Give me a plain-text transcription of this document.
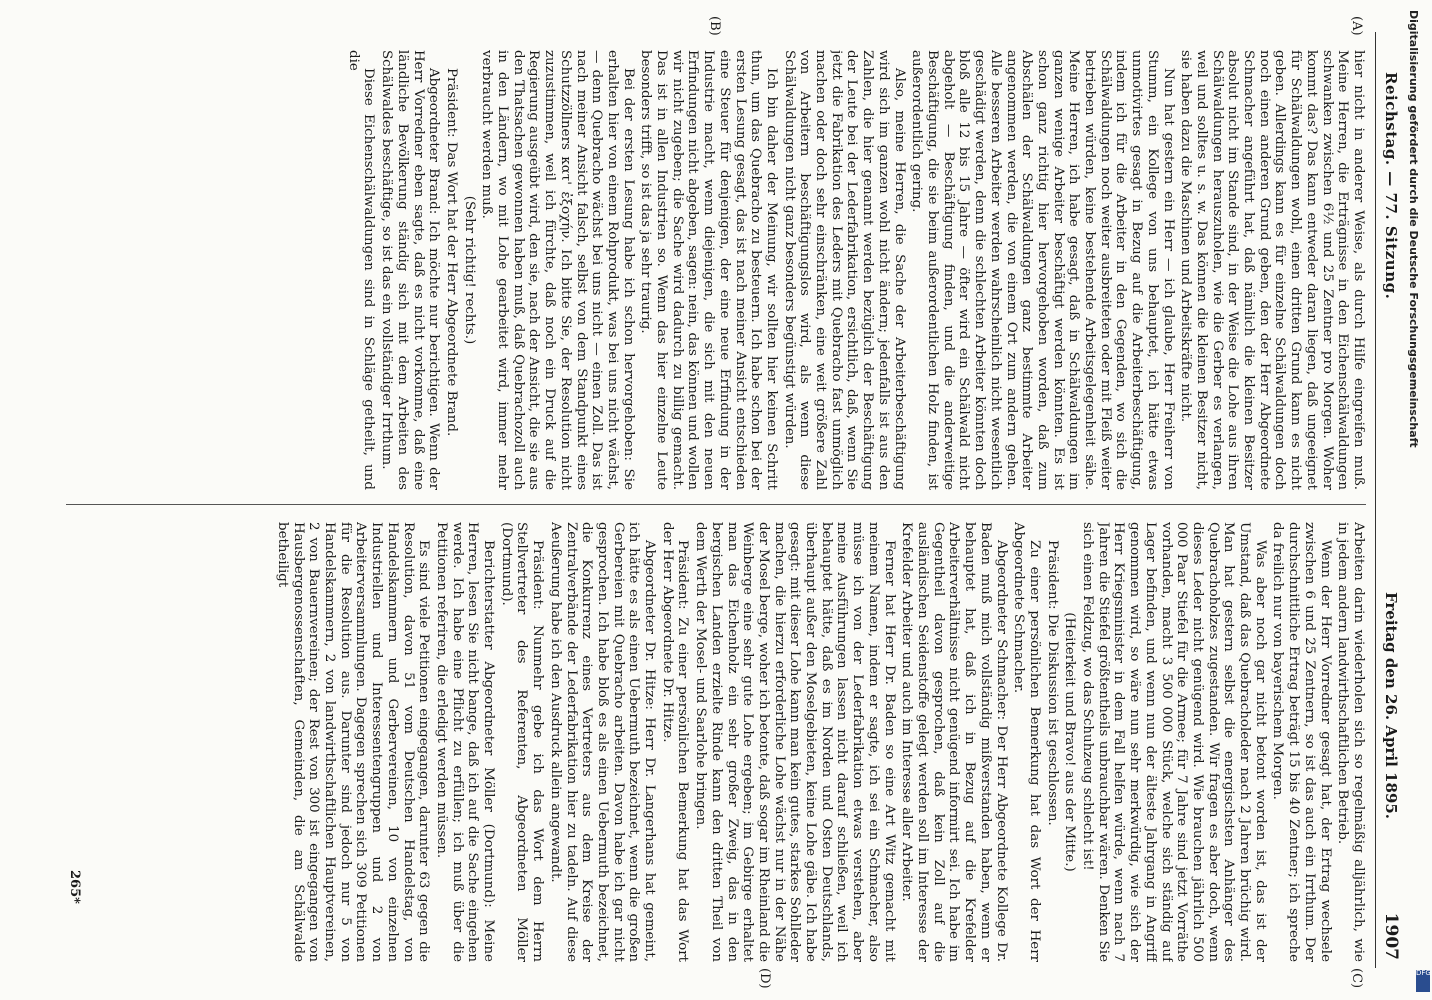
Reichstag. — 77. Sitzung.
Freitag den 26. April 1895.
1907
(A)
(B)
(C)
(D)

hier nicht in anderer Weise, als durch Hilfe eingreifen muß. Meine Herren, die Erträgnisse in den Eichenschälwaldungen schwanken zwischen 6½ und 25 Zentner pro Morgen. Woher kommt das? Das kann entweder daran liegen, daß ungeeignet für Schälwaldungen wohl, einen dritten Grund kann es nicht geben. Allerdings kann es für einzelne Schälwaldungen doch noch einen anderen Grund geben, den der Herr Abgeordnete Schmacher angeführt hat, daß nämlich die kleinen Besitzer absolut nicht im Stande sind, in der Weise die Lohe aus ihren Schälwaldungen herauszuholen, wie die Gerber es verlangen, weil und solltes u. s. w. Das können die kleinen Besitzer nicht, sie haben dazu die Maschinen und Arbeitskräfte nicht.

Nun hat gestern ein Herr — ich glaube, Herr Freiherr von Stumm, ein Kollege von uns behauptet, ich hätte etwas unmotivirtes gesagt in Bezug auf die Arbeiterbeschäftigung, indem ich für die Arbeiter in den Gegenden, wo sich die Schälwaldungen noch weiter ausbreiteten oder mit Fleiß weiter betrieben würden, keine bestehende Arbeitsgelegenheit sähe. Meine Herren, ich habe gesagt, daß in Schälwaldungen im ganzen wenige Arbeiter beschäftigt werden könnten. Es ist schon ganz richtig hier hervorgehoben worden, daß zum Abschälen der Schälwaldungen ganz bestimmte Arbeiter angenommen werden, die von einem Ort zum andern gehen. Alle besseren Arbeiter werden wahrscheinlich nicht wesentlich geschädigt werden, denn die schlechten Arbeiter könnten doch bloß alle 12 bis 15 Jahre — öfter wird ein Schälwald nicht abgeholt — Beschäftigung finden, und die anderweitige Beschäftigung, die sie beim außerordentlichen Holz finden, ist außerordentlich gering.

Also, meine Herren, die Sache der Arbeiterbeschäftigung wird sich im ganzen wohl nicht ändern; jedenfalls ist aus den Zahlen, die hier genannt werden bezüglich der Beschäftigung der Leute bei der Lederfabrikation, ersichtlich, daß, wenn Sie jetzt die Fabrikation des Leders mit Quebracho fast unmöglich machen oder doch sehr einschränken, eine weit größere Zahl von Arbeitern beschäftigungslos wird, als wenn diese Schälwaldungen nicht ganz besonders begünstigt würden.

Ich bin daher der Meinung, wir sollten hier keinen Schritt thun, um das Quebracho zu besteuern. Ich habe schon bei der ersten Lesung gesagt, das ist nach meiner Ansicht entschieden eine Steuer für denjenigen, der eine neue Erfindung in der Industrie macht, wenn diejenigen, die sich mit den neuen Erfindungen nicht abgeben, sagen: nein, das können und wollen wir nicht zugeben; die Sache wird dadurch zu billig gemacht. Das ist in allen Industrien so. Wenn das hier einzelne Leute besonders trifft, so ist das ja sehr traurig.

Bei der ersten Lesung habe ich schon hervorgehoben: Sie erhalten hier von einem Rohprodukt, was bei uns nicht wächst, — denn Quebracho wächst bei uns nicht — einen Zoll. Das ist nach meiner Ansicht falsch, selbst von dem Standpunkt eines Schutzzöllners κατ' ἐξοχήν. Ich bitte Sie, der Resolution nicht zuzustimmen, weil ich fürchte, daß noch ein Druck auf die Regierung ausgeübt wird, den sie, nach der Ansicht, die sie aus den Thatsachen gewonnen haben muß, daß Quebrachozoll auch in den Ländern, wo mit Lohe gearbeitet wird, immer mehr verbraucht werden muß.

(Sehr richtig! rechts.)

Präsident: Das Wort hat der Herr Abgeordnete Brand.

Abgeordneter Brand: Ich möchte nur berichtigen. Wenn der Herr Vorredner eben sagte, daß es nicht vorkomme, daß eine ländliche Bevölkerung ständig sich mit dem Arbeiten des Schälwaldes beschäftige, so ist das ein vollständiger Irrthum.

Diese Eichenschälwaldungen sind in Schläge getheilt, und die

Arbeiten darin wiederholen sich so regelmäßig alljährlich, wie in jedem andern landwirthschaftlichen Betrieb.

Wenn der Herr Vorredner gesagt hat, der Ertrag wechsele zwischen 6 und 25 Zentnern, so ist das auch ein Irrthum. Der durchschnittliche Ertrag beträgt 15 bis 40 Zentner; ich spreche da freilich nur von bayerischem Morgen.

Was aber noch gar nicht betont worden ist, das ist der Umstand, daß das Quebracholeder nach 2 Jahren brüchig wird. Man hat gestern selbst die energischsten Anhänger des Quebrachoholzes zugestanden. Wir fragen es aber doch, wenn dieses Leder nicht genügend wird. Wie brauchen jährlich 500 000 Paar Stiefel für die Armee; für 7 Jahre sind jetzt Vorräthe vorhanden, macht 3 500 000 Stück, welche sich ständig auf Lager befinden, und wenn nun der älteste Jahrgang in Angriff genommen wird, so wäre nun sehr merkwürdig, wie sich der Herr Kriegsminister in dem Fall helfen würde, wenn nach 7 Jahren die Stiefel größtentheils unbrauchbar wären. Denken Sie sich einen Feldzug, wo das Schuhzeug schlecht ist!

(Heiterkeit und Bravo! aus der Mitte.)

Präsident: Die Diskussion ist geschlossen.

Zu einer persönlichen Bemerkung hat das Wort der Herr Abgeordnete Schmacher.

Abgeordneter Schmacher: Der Herr Abgeordnete Kollege Dr. Baden muß mich vollständig mißverstanden haben, wenn er behauptet hat, daß ich in Bezug auf die Krefelder Arbeiterverhältnisse nicht genügend informirt sei. Ich habe im Gegentheil davon gesprochen, daß kein Zoll auf die ausländischen Seidenstoffe gelegt werden soll im Interesse der Krefelder Arbeiter und auch im Interesse aller Arbeiter.

Ferner hat Herr Dr. Baden so eine Art Witz gemacht mit meinem Namen, indem er sagte, ich sei ein Schmacher, also müsse ich von der Lederfabrikation etwas verstehen, aber meine Ausführungen lassen nicht darauf schließen, weil ich behauptet hätte, daß es im Norden und Osten Deutschlands, überhaupt außer den Moselgebieten, keine Lohe gäbe. Ich habe gesagt: mit dieser Lohe kann man kein gutes, starkes Sohlleder machen, die hierzu erforderliche Lohe wächst nur in der Nähe der Mosel berge, woher ich betonte, daß sogar im Rheinland die Weinberge eine sehr gute Lohe ergeben; im Gebirge erhaltet man das Eichenholz ein sehr großer Zweig, das in den bergischen Landen erzielte Rinde kann den dritten Theil von dem Werth der Mosel- und Saarlohe bringen.

Präsident: Zu einer persönlichen Bemerkung hat das Wort der Herr Abgeordnete Dr. Hitze.

Abgeordneter Dr. Hitze: Herr Dr. Langerhans hat gemeint, ich hätte es als einen Uebermuth bezeichnet, wenn die großen Gerbereien mit Quebracho arbeiten. Davon habe ich gar nicht gesprochen. Ich habe bloß es als einen Uebermuth bezeichnet, die Konkurrenz eines Vertreters aus dem Kreise der Zentralverbände der Lederfabrikation hier zu tadeln. Auf diese Aeußerung habe ich den Ausdruck allein angewandt.

Präsident: Nunmehr gebe ich das Wort dem Herrn Stellvertreter des Referenten, Abgeordneten Möller (Dortmund).

Berichterstatter Abgeordneter Möller (Dortmund): Meine Herren, lesen Sie nicht bange, daß ich auf die Sache eingehen werde. Ich habe eine Pflicht zu erfüllen; ich muß über die Petitionen referiren, die erledigt werden müssen.

Es sind viele Petitionen eingegangen, darunter 63 gegen die Resolution, davon 51 vom Deutschen Handelstag, von Handelskammern und Gerbervereinen, 10 von einzelnen Industriellen und Interessentengruppen und 2 von Arbeiterversammlungen. Dagegen sprechen sich 309 Petitionen für die Resolution aus. Darunter sind jedoch nur 5 von Handelskammern, 2 von landwirthschaftlichen Hauptvereinen, 2 von Bauernvereinen; der Rest von 300 ist eingegangen von Hausbergenossenschaften, Gemeinden, die am Schälwalde betheiligt

265*
Digitalisierung gefördert durch die Deutsche Forschungsgemeinschaft
DFG
